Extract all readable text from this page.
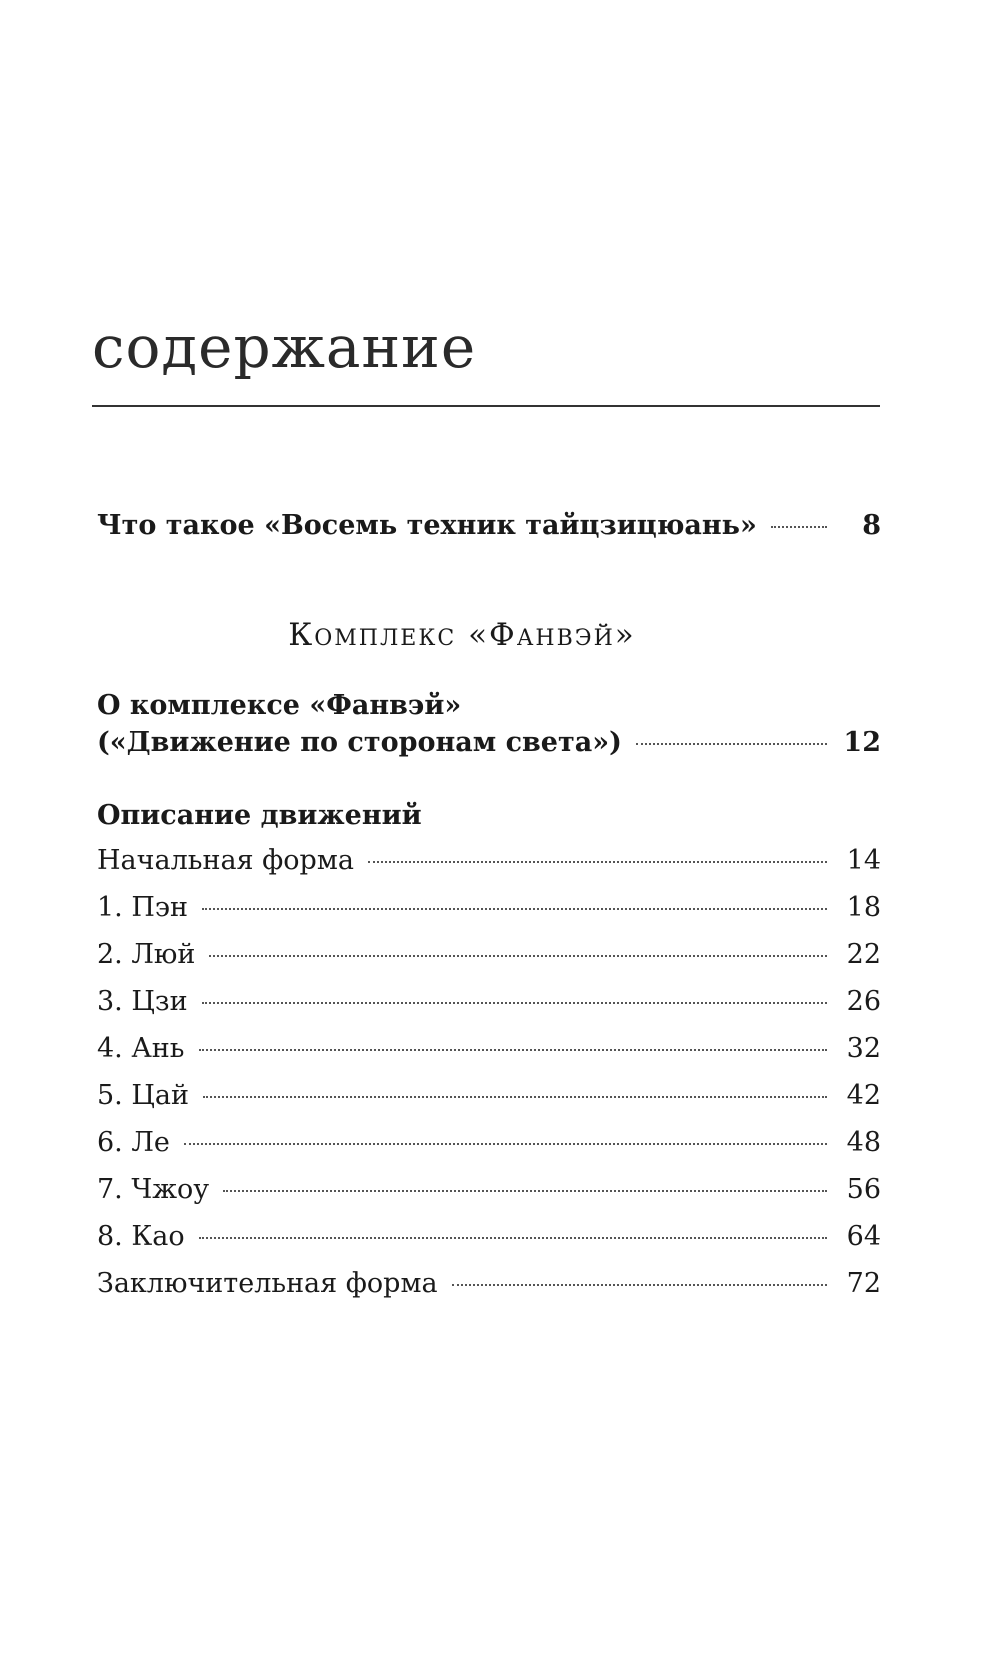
содержание
Что такое «Восемь техник тайцзицюань»	8
Комплекс «Фанвэй»
О комплексе «Фанвэй»
(«Движение по сторонам света»)	12
Описание движений
Начальная форма	14
1. Пэн	18
2. Люй	22
3. Цзи	26
4. Ань	32
5. Цай	42
6. Ле	48
7. Чжоу	56
8. Као	64
Заключительная форма	72
